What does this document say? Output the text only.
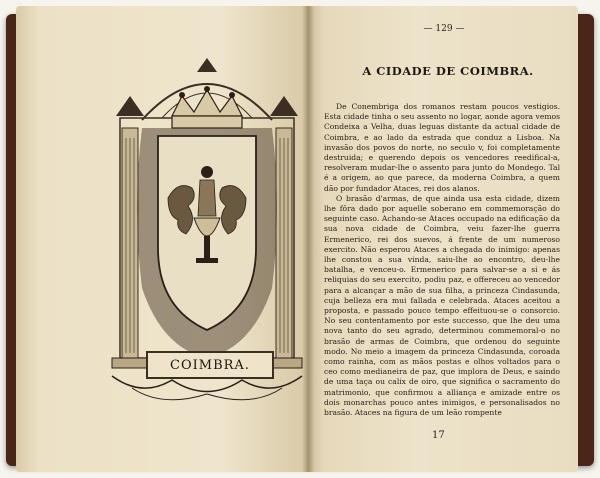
COIMBRA.
— 129 —
A CIDADE DE COIMBRA.

De Conembriga dos romanos restam poucos vestigios. Esta cidade tinha o seu assento no logar, aonde agora vemos Condeixa a Velha, duas leguas distante da actual cidade de Coimbra, e ao lado da estrada que conduz a Lisboa. Na invasão dos povos do norte, no seculo v, foi completamente destruida; e querendo depois os vencedores reedifical-a, resolveram mudar-lhe o assento para junto do Mondego. Tal é a origem, ao que parece, da moderna Coimbra, a quem dão por fundador Ataces, rei dos alanos.

O brasão d'armas, de que ainda usa esta cidade, dizem lhe fôra dado por aquelle soberano em commemoração do seguinte caso. Achando-se Ataces occupado na edificação da sua nova cidade de Coimbra, veiu fazer-lhe guerra Ermenerico, rei dos suevos, á frente de um numeroso exercito. Não esperou Ataces a chegada do inimigo: apenas lhe constou a sua vinda, saiu-lhe ao encontro, deu-lhe batalha, e venceu-o. Ermenerico para salvar-se a si e ás reliquias do seu exercito, podiu paz, e offereceu ao vencedor para a alcançar a mão de sua filha, a princeza Cindasunda, cuja belleza era mui fallada e celebrada. Ataces aceitou a proposta, e passado pouco tempo effeituou-se o consorcio. No seu contentamento por este successo, que lhe deu uma nova tanto do seu agrado, determinou commemoral-o no brasão de armas de Coimbra, que ordenou do seguinte modo. No meio a imagem da princeza Cindasunda, coroada como rainha, com as mãos postas e olhos voltados para o ceo como medianeira de paz, que implora de Deus, e saindo de uma taça ou calix de oiro, que significa o sacramento do matrimonio, que confirmou a alliança e amizade entre os dois monarchas pouco antes inimigos, e personalisados no brasão. Ataces na figura de um leão rompente

17
